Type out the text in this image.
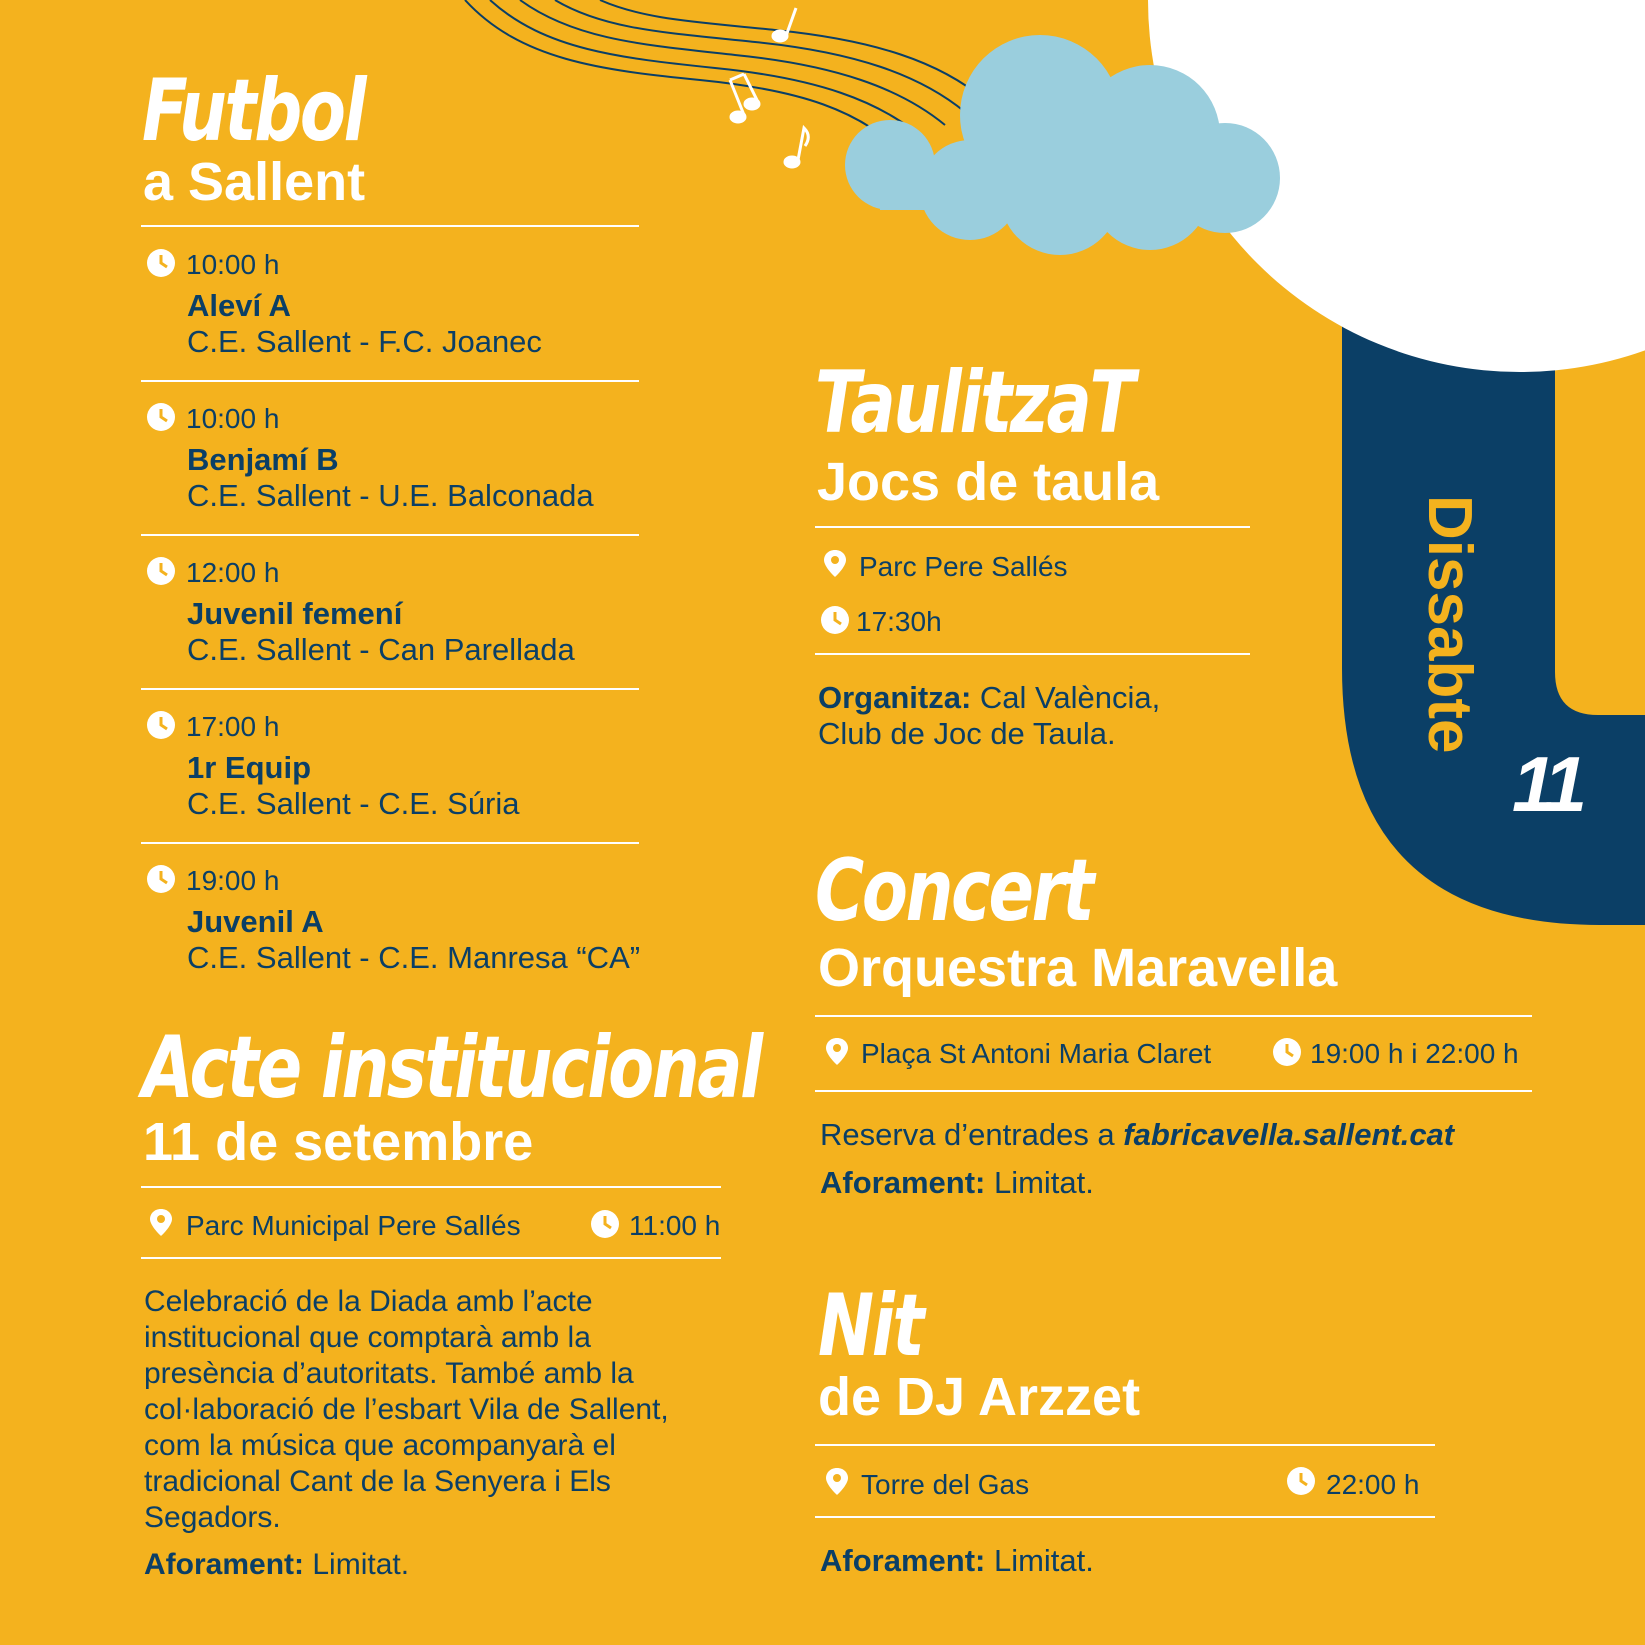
Dissabte
11
Futbol
a Sallent
10:00 h
Aleví A
C.E. Sallent - F.C. Joanec
10:00 h
Benjamí B
C.E. Sallent - U.E. Balconada
12:00 h
Juvenil femení
C.E. Sallent - Can Parellada
17:00 h
1r Equip
C.E. Sallent - C.E. Súria
19:00 h
Juvenil A
C.E. Sallent - C.E. Manresa “CA”
Acte institucional
11 de setembre
Parc Municipal Pere Sallés	11:00 h
Celebració de la Diada amb l’acte institucional que comptarà amb la presència d’autoritats. També amb la col·laboració de l’esbart Vila de Sallent, com la música que acompanyarà el tradicional Cant de la Senyera i Els Segadors.
Aforament: Limitat.
TaulitzaT
Jocs de taula
Parc Pere Sallés
17:30h
Organitza: Cal València,
Club de Joc de Taula.
Concert
Orquestra Maravella
Plaça St Antoni Maria Claret	19:00 h i 22:00 h
Reserva d’entrades a fabricavella.sallent.cat
Aforament: Limitat.
Nit
de DJ Arzzet
Torre del Gas	22:00 h
Aforament: Limitat.
